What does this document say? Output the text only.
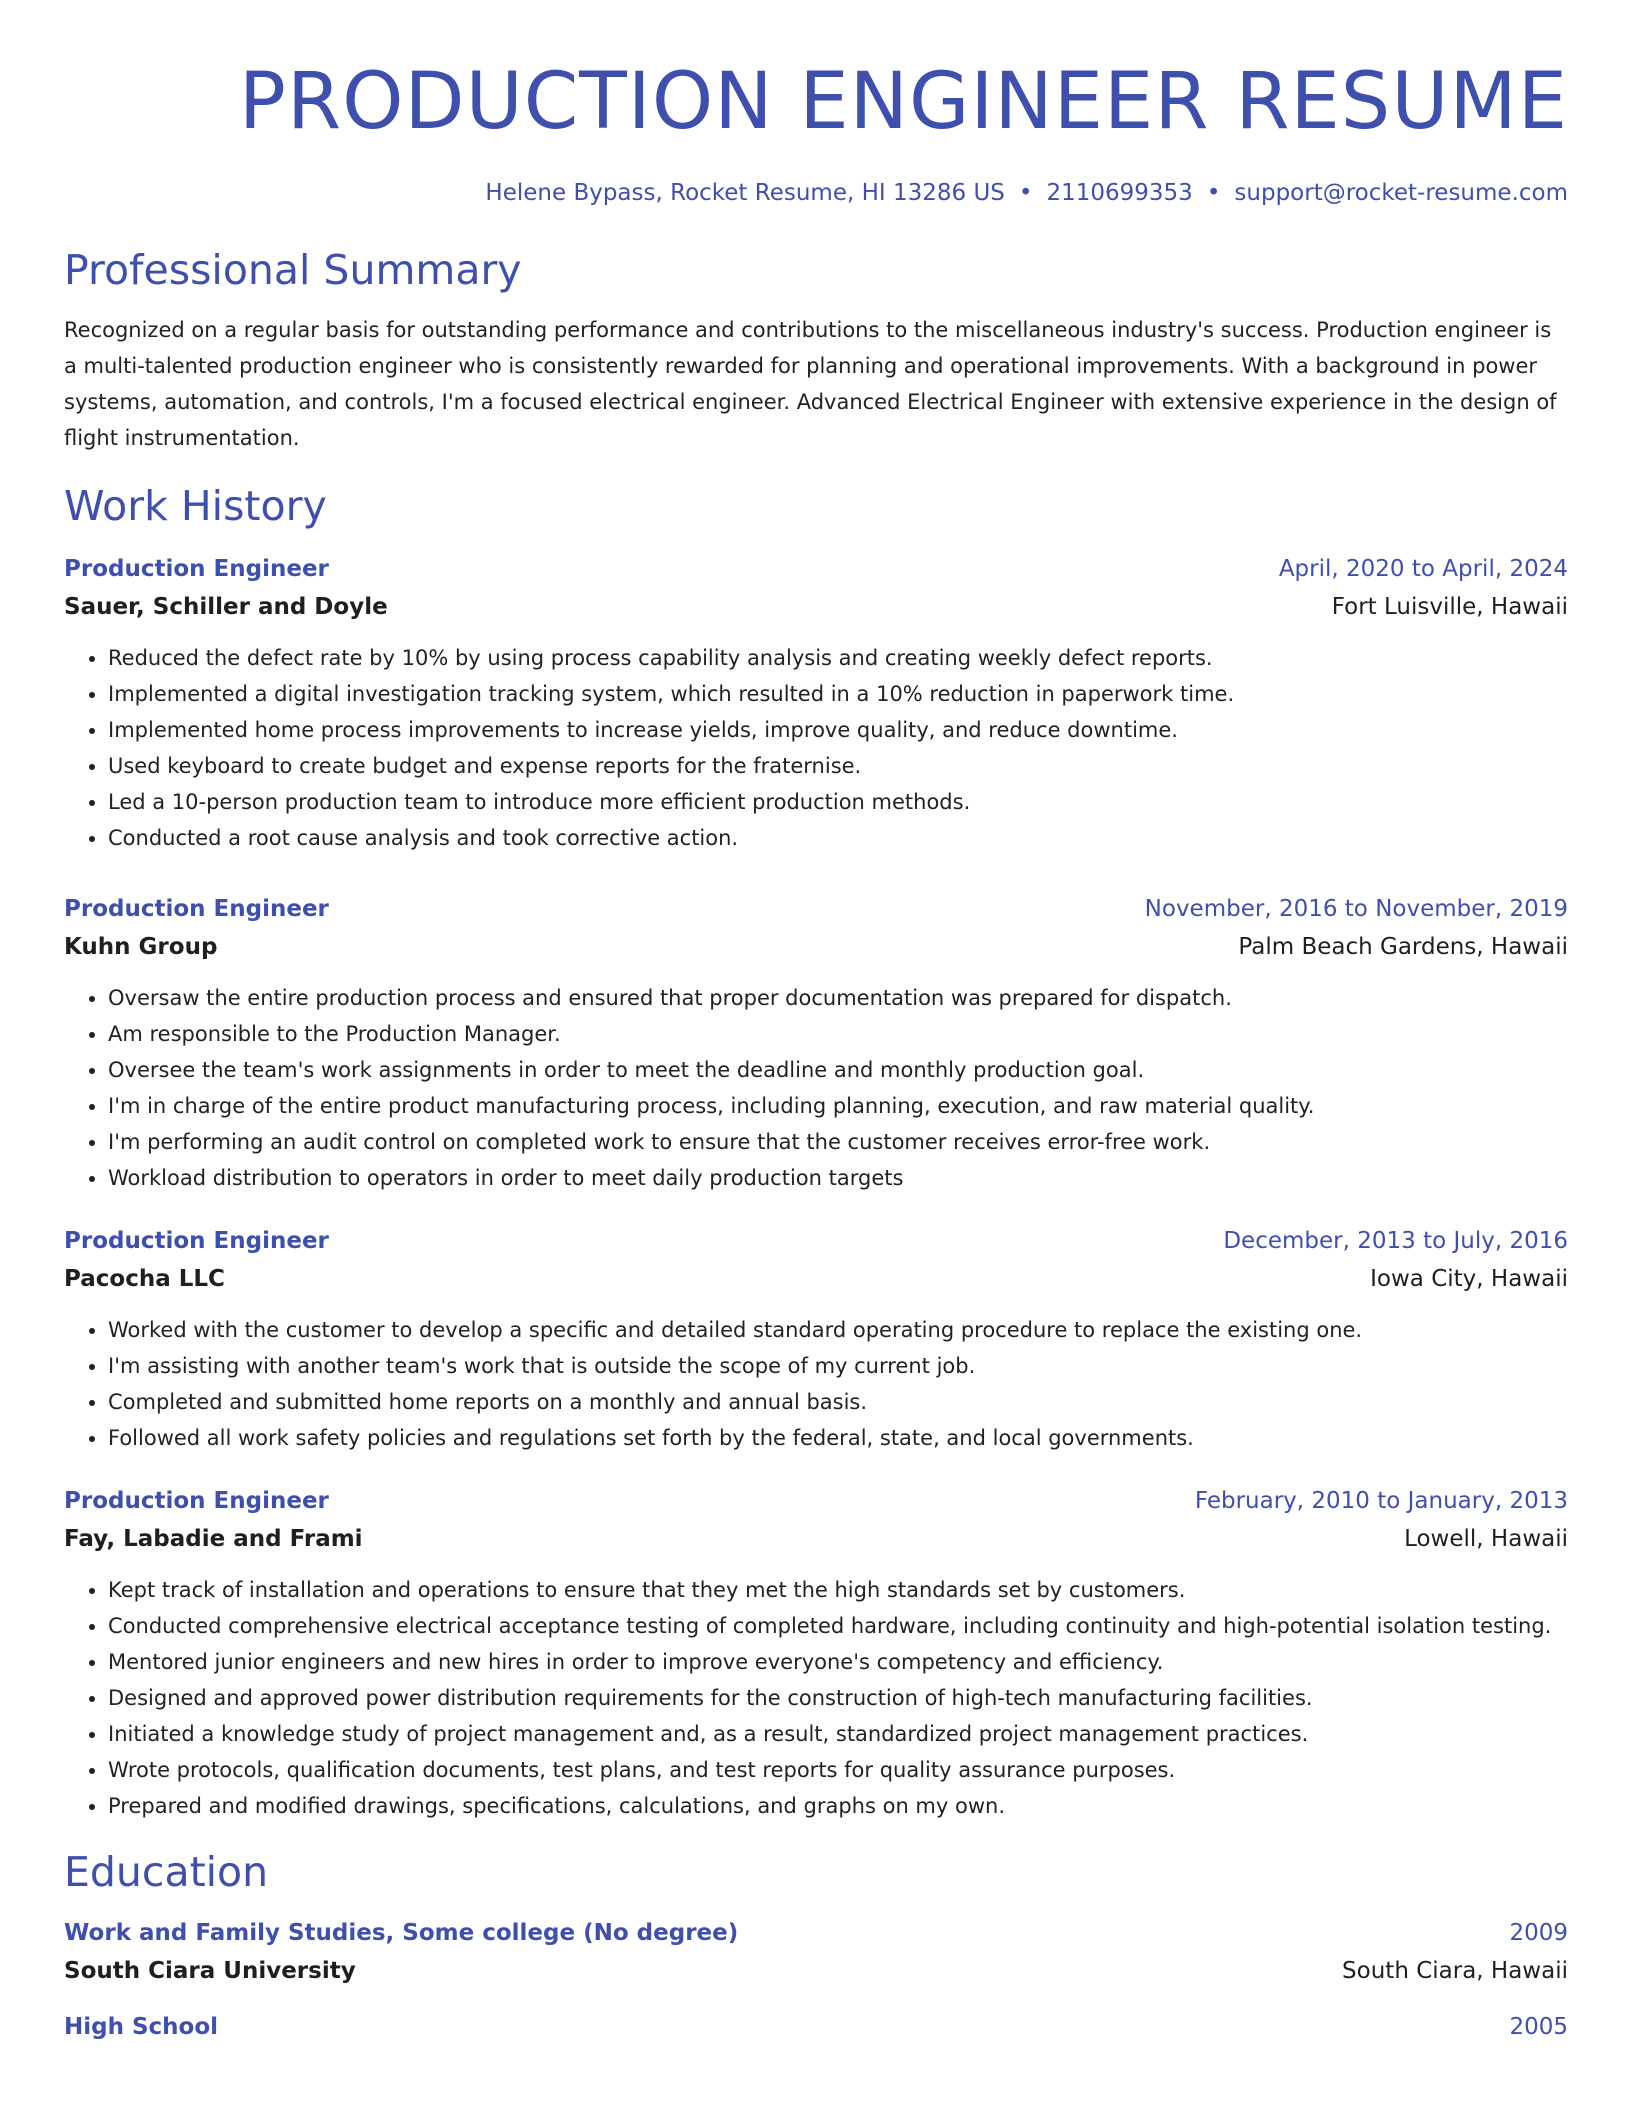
PRODUCTION ENGINEER RESUME
Helene Bypass, Rocket Resume, HI 13286 US • 2110699353 • support@rocket-resume.com
Professional Summary
Recognized on a regular basis for outstanding performance and contributions to the miscellaneous industry's success. Production engineer is a multi-talented production engineer who is consistently rewarded for planning and operational improvements. With a background in power systems, automation, and controls, I'm a focused electrical engineer. Advanced Electrical Engineer with extensive experience in the design of flight instrumentation.
Work History
Production Engineer	April, 2020 to April, 2024
Sauer, Schiller and Doyle	Fort Luisville, Hawaii
• Reduced the defect rate by 10% by using process capability analysis and creating weekly defect reports.
• Implemented a digital investigation tracking system, which resulted in a 10% reduction in paperwork time.
• Implemented home process improvements to increase yields, improve quality, and reduce downtime.
• Used keyboard to create budget and expense reports for the fraternise.
• Led a 10-person production team to introduce more efficient production methods.
• Conducted a root cause analysis and took corrective action.
Production Engineer	November, 2016 to November, 2019
Kuhn Group	Palm Beach Gardens, Hawaii
• Oversaw the entire production process and ensured that proper documentation was prepared for dispatch.
• Am responsible to the Production Manager.
• Oversee the team's work assignments in order to meet the deadline and monthly production goal.
• I'm in charge of the entire product manufacturing process, including planning, execution, and raw material quality.
• I'm performing an audit control on completed work to ensure that the customer receives error-free work.
• Workload distribution to operators in order to meet daily production targets
Production Engineer	December, 2013 to July, 2016
Pacocha LLC	Iowa City, Hawaii
• Worked with the customer to develop a specific and detailed standard operating procedure to replace the existing one.
• I'm assisting with another team's work that is outside the scope of my current job.
• Completed and submitted home reports on a monthly and annual basis.
• Followed all work safety policies and regulations set forth by the federal, state, and local governments.
Production Engineer	February, 2010 to January, 2013
Fay, Labadie and Frami	Lowell, Hawaii
• Kept track of installation and operations to ensure that they met the high standards set by customers.
• Conducted comprehensive electrical acceptance testing of completed hardware, including continuity and high-potential isolation testing.
• Mentored junior engineers and new hires in order to improve everyone's competency and efficiency.
• Designed and approved power distribution requirements for the construction of high-tech manufacturing facilities.
• Initiated a knowledge study of project management and, as a result, standardized project management practices.
• Wrote protocols, qualification documents, test plans, and test reports for quality assurance purposes.
• Prepared and modified drawings, specifications, calculations, and graphs on my own.
Education
Work and Family Studies, Some college (No degree)	2009
South Ciara University	South Ciara, Hawaii
High School	2005
